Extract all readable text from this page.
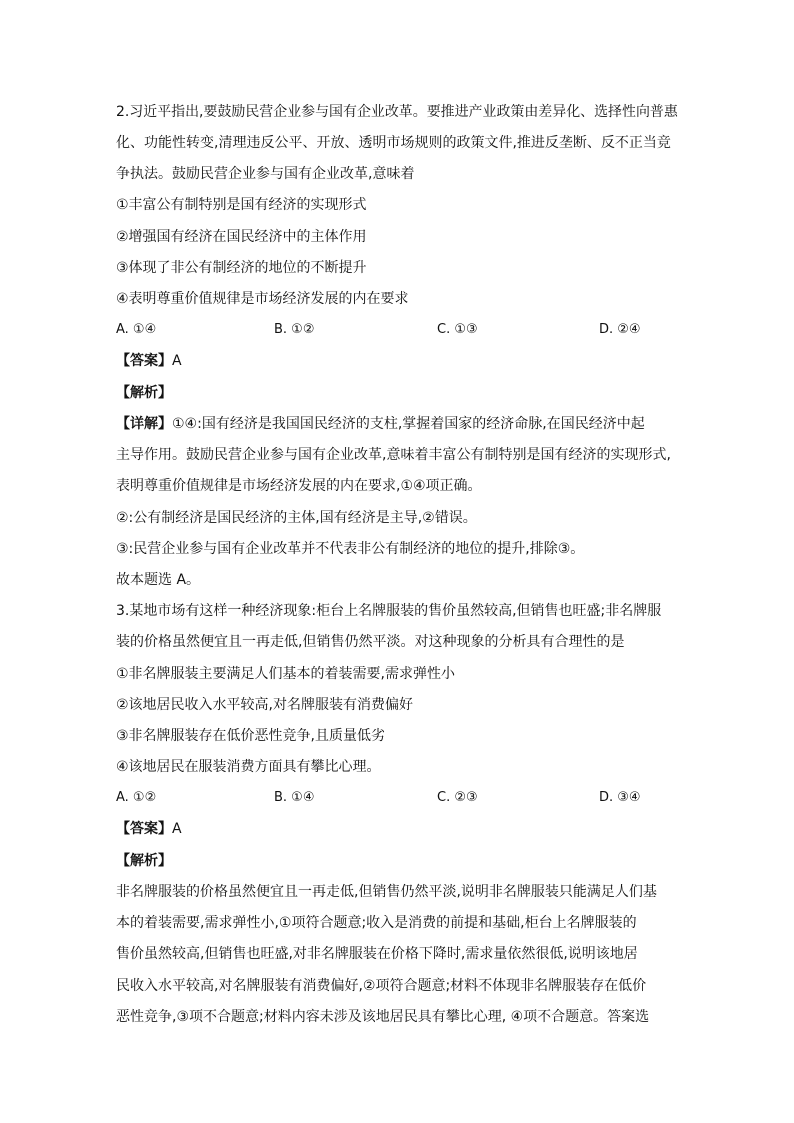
2.习近平指出,要鼓励民营企业参与国有企业改革。要推进产业政策由差异化、选择性向普惠
化、功能性转变,清理违反公平、开放、透明市场规则的政策文件,推进反垄断、反不正当竞
争执法。鼓励民营企业参与国有企业改革,意味着
①丰富公有制特别是国有经济的实现形式
②增强国有经济在国民经济中的主体作用
③体现了非公有制经济的地位的不断提升
④表明尊重价值规律是市场经济发展的内在要求
A. ①④	B. ①②	C. ①③	D. ②④
【答案】A
【解析】
【详解】①④:国有经济是我国国民经济的支柱,掌握着国家的经济命脉,在国民经济中起
主导作用。鼓励民营企业参与国有企业改革,意味着丰富公有制特别是国有经济的实现形式,
表明尊重价值规律是市场经济发展的内在要求,①④项正确。
②:公有制经济是国民经济的主体,国有经济是主导,②错误。
③:民营企业参与国有企业改革并不代表非公有制经济的地位的提升,排除③。
故本题选 A。
3.某地市场有这样一种经济现象:柜台上名牌服装的售价虽然较高,但销售也旺盛;非名牌服
装的价格虽然便宜且一再走低,但销售仍然平淡。对这种现象的分析具有合理性的是
①非名牌服装主要满足人们基本的着装需要,需求弹性小
②该地居民收入水平较高,对名牌服装有消费偏好
③非名牌服装存在低价恶性竞争,且质量低劣
④该地居民在服装消费方面具有攀比心理。
A. ①②	B. ①④	C. ②③	D. ③④
【答案】A
【解析】
非名牌服装的价格虽然便宜且一再走低,但销售仍然平淡,说明非名牌服装只能满足人们基
本的着装需要,需求弹性小,①项符合题意;收入是消费的前提和基础,柜台上名牌服装的
售价虽然较高,但销售也旺盛,对非名牌服装在价格下降时,需求量依然很低,说明该地居
民收入水平较高,对名牌服装有消费偏好,②项符合题意;材料不体现非名牌服装存在低价
恶性竞争,③项不合题意;材料内容未涉及该地居民具有攀比心理, ④项不合题意。答案选
